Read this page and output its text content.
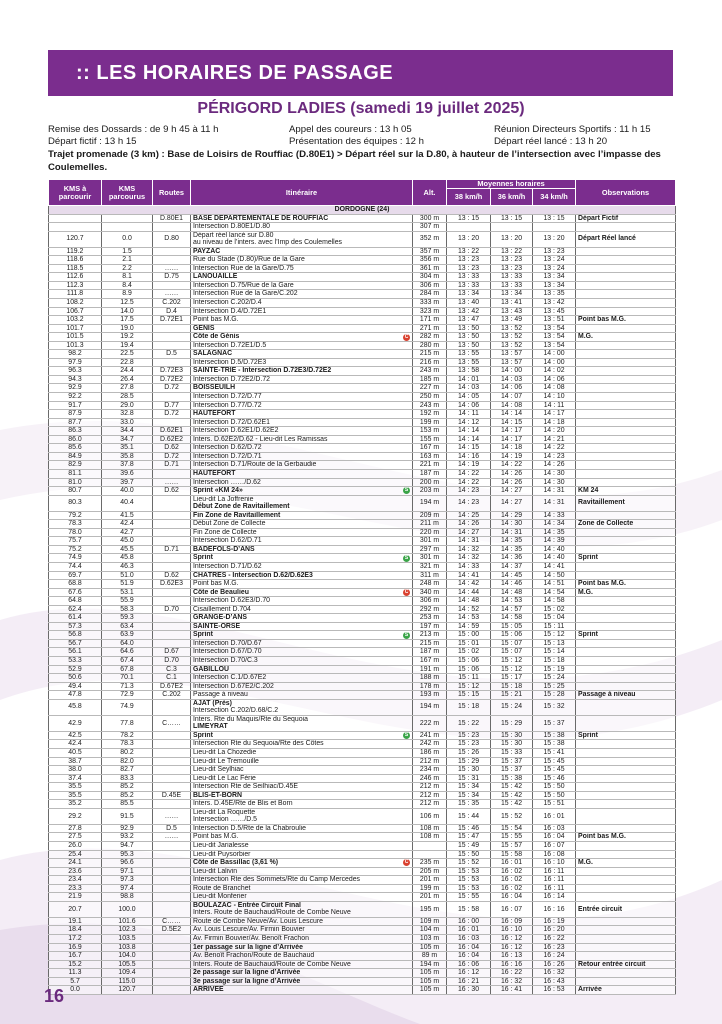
:: LES HORAIRES DE PASSAGE
PÉRIGORD LADIES (samedi 19 juillet 2025)
Remise des Dossards : de 9 h 45 à 11 h
Départ fictif : 13 h 15
Appel des coureurs : 13 h 05
Présentation des équipes : 12 h
Réunion Directeurs Sportifs : 11 h 15
Départ réel lancé : 13 h 20
Trajet promenade (3 km) : Base de Loisirs de Rouffiac (D.80E1) > Départ réel sur la D.80, à hauteur de l’intersection avec l’impasse des Coulemelles.
KMS à parcourir	KMS parcourus	Routes	Itinéraire	Alt.	Moyennes horaires			Observations
					38 km/h	36 km/h	34 km/h	
DORDOGNE (24)								
		D.80E1	BASE DÉPARTEMENTALE DE ROUFFIAC	300 m	13 : 15	13 : 15	13 : 15	Départ Fictif
			Intersection D.80E1/D.80	307 m				
120.7	0.0	D.80	Départ réel lancé sur D.80
au niveau de l’inters. avec l’Imp des Coulemelles	352 m	13 : 20	13 : 20	13 : 20	Départ Réel lancé
119.2	1.5		PAYZAC	357 m	13 : 22	13 : 22	13 : 23	
118.6	2.1		Rue du Stade (D.80)/Rue de la Gare	356 m	13 : 23	13 : 23	13 : 24	
118.5	2.2	……	Intersection Rue de la Gare/D.75	361 m	13 : 23	13 : 23	13 : 24	
112.6	8.1	D.75	LANOUAILLE	304 m	13 : 33	13 : 33	13 : 34	
112.3	8.4		Intersection D.75/Rue de la Gare	306 m	13 : 33	13 : 33	13 : 34	
111.8	8.9	……	Intersection Rue de la Gare/C.202	284 m	13 : 34	13 : 34	13 : 35	
108.2	12.5	C.202	Intersection C.202/D.4	333 m	13 : 40	13 : 41	13 : 42	
106.7	14.0	D.4	Intersection D.4/D.72E1	323 m	13 : 42	13 : 43	13 : 45	
103.2	17.5	D.72E1	Point bas M.G.	171 m	13 : 47	13 : 49	13 : 51	Point bas M.G.
101.7	19.0		GÉNIS	271 m	13 : 50	13 : 52	13 : 54	
101.5	19.2		Côte de Génis C	282 m	13 : 50	13 : 52	13 : 54	M.G.
101.3	19.4		Intersection D.72E1/D.5	280 m	13 : 50	13 : 52	13 : 54	
98.2	22.5	D.5	SALAGNAC	215 m	13 : 55	13 : 57	14 : 00	
97.9	22.8		Intersection D.5/D.72E3	216 m	13 : 55	13 : 57	14 : 00	
96.3	24.4	D.72E3	SAINTE-TRIE - Intersection D.72E3/D.72E2	243 m	13 : 58	14 : 00	14 : 02	
94.3	26.4	D.72E2	Intersection D.72E2/D.72	185 m	14 : 01	14 : 03	14 : 06	
92.9	27.8	D.72	BOISSEUILH	227 m	14 : 03	14 : 06	14 : 08	
92.2	28.5		Intersection D.72/D.77	250 m	14 : 05	14 : 07	14 : 10	
91.7	29.0	D.77	Intersection D.77/D.72	243 m	14 : 06	14 : 08	14 : 11	
87.9	32.8	D.72	HAUTEFORT	192 m	14 : 11	14 : 14	14 : 17	
87.7	33.0		Intersection D.72/D.62E1	199 m	14 : 12	14 : 15	14 : 18	
86.3	34.4	D.62E1	Intersection D.62E1/D.62E2	153 m	14 : 14	14 : 17	14 : 20	
86.0	34.7	D.62E2	Inters. D.62E2/D.62 - Lieu-dit Les Ramissas	155 m	14 : 14	14 : 17	14 : 21	
85.6	35.1	D.62	Intersection D.62/D.72	167 m	14 : 15	14 : 18	14 : 22	
84.9	35.8	D.72	Intersection D.72/D.71	163 m	14 : 16	14 : 19	14 : 23	
82.9	37.8	D.71	Intersection D.71/Route de la Gerbaudie	221 m	14 : 19	14 : 22	14 : 26	
81.1	39.6		HAUTEFORT	187 m	14 : 22	14 : 26	14 : 30	
81.0	39.7	……	Intersection ……/D.62	200 m	14 : 22	14 : 26	14 : 30	
80.7	40.0	D.62	Sprint «KM 24» S	203 m	14 : 23	14 : 27	14 : 31	KM 24
80.3	40.4		Lieu-dit La Joffrenie
Début Zone de Ravitaillement	194 m	14 : 23	14 : 27	14 : 31	Ravitaillement
79.2	41.5		Fin Zone de Ravitaillement	209 m	14 : 25	14 : 29	14 : 33	
78.3	42.4		Début Zone de Collecte	211 m	14 : 26	14 : 30	14 : 34	Zone de Collecte
78.0	42.7		Fin Zone de Collecte	220 m	14 : 27	14 : 31	14 : 35	
75.7	45.0		Intersection D.62/D.71	301 m	14 : 31	14 : 35	14 : 39	
75.2	45.5	D.71	BADEFOLS-D’ANS	297 m	14 : 32	14 : 35	14 : 40	
74.9	45.8		Sprint S	301 m	14 : 32	14 : 36	14 : 40	Sprint
74.4	46.3		Intersection D.71/D.62	321 m	14 : 33	14 : 37	14 : 41	
69.7	51.0	D.62	CHÂTRES - Intersection D.62/D.62E3	311 m	14 : 41	14 : 45	14 : 50	
68.8	51.9	D.62E3	Point bas M.G.	248 m	14 : 42	14 : 46	14 : 51	Point bas M.G.
67.6	53.1		Côte de Beaulieu C	340 m	14 : 44	14 : 48	14 : 54	M.G.
64.8	55.9		Intersection D.62E3/D.70	306 m	14 : 48	14 : 53	14 : 58	
62.4	58.3	D.70	Cisaillement D.704	292 m	14 : 52	14 : 57	15 : 02	
61.4	59.3		GRANGE-D’ANS	253 m	14 : 53	14 : 58	15 : 04	
57.3	63.4		SAINTE-ORSE	197 m	14 : 59	15 : 05	15 : 11	
56.8	63.9		Sprint S	213 m	15 : 00	15 : 06	15 : 12	Sprint
56.7	64.0		Intersection D.70/D.67	215 m	15 : 01	15 : 07	15 : 13	
56.1	64.6	D.67	Intersection D.67/D.70	187 m	15 : 02	15 : 07	15 : 14	
53.3	67.4	D.70	Intersection D.70/C.3	167 m	15 : 06	15 : 12	15 : 18	
52.9	67.8	C.3	GABILLOU	191 m	15 : 06	15 : 12	15 : 19	
50.6	70.1	C.1	Intersection C.1/D.67E2	188 m	15 : 11	15 : 17	15 : 24	
49.4	71.3	D.67E2	Intersection D.67E2/C.202	178 m	15 : 12	15 : 18	15 : 25	
47.8	72.9	C.202	Passage à niveau	193 m	15 : 15	15 : 21	15 : 28	Passage à niveau
45.8	74.9		AJAT (Près)
Intersection C.202/D.68/C.2	194 m	15 : 18	15 : 24	15 : 32	
42.9	77.8	C……	Inters. Rte du Maquis/Rte du Sequoia
LIMEYRAT	222 m	15 : 22	15 : 29	15 : 37	
42.5	78.2		Sprint S	241 m	15 : 23	15 : 30	15 : 38	Sprint
42.4	78.3		Intersection Rte du Sequoia/Rte des Côtes	242 m	15 : 23	15 : 30	15 : 38	
40.5	80.2		Lieu-dit La Chozedie	186 m	15 : 26	15 : 33	15 : 41	
38.7	82.0		Lieu-dit Le Tremouille	212 m	15 : 29	15 : 37	15 : 45	
38.0	82.7		Lieu-dit Seylhiac	234 m	15 : 30	15 : 37	15 : 45	
37.4	83.3		Lieu-dit Le Lac Férie	246 m	15 : 31	15 : 38	15 : 46	
35.5	85.2		Intersection Rte de Seilhiac/D.45E	212 m	15 : 34	15 : 42	15 : 50	
35.5	85.2	D.45E	BLIS-ET-BORN	212 m	15 : 34	15 : 42	15 : 50	
35.2	85.5		Inters. D.45E/Rte de Blis et Born	212 m	15 : 35	15 : 42	15 : 51	
29.2	91.5	……	Lieu-dit La Roquette
Intersection ……/D.5	106 m	15 : 44	15 : 52	16 : 01	
27.8	92.9	D.5	Intersection D.5/Rte de la Chabroulie	108 m	15 : 46	15 : 54	16 : 03	
27.5	93.2	……	Point bas M.G.	108 m	15 : 47	15 : 55	16 : 04	Point bas M.G.
26.0	94.7		Lieu-dit Jarialesse		15 : 49	15 : 57	16 : 07	
25.4	95.3		Lieu-dit Puysorbier		15 : 50	15 : 58	16 : 08	
24.1	96.6		Côte de Bassillac (3,61 %) C	235 m	15 : 52	16 : 01	16 : 10	M.G.
23.6	97.1		Lieu-dit Lalivin	205 m	15 : 53	16 : 02	16 : 11	
23.4	97.3		Intersection Rte des Sommets/Rte du Camp Mercedes	201 m	15 : 53	16 : 02	16 : 11	
23.3	97.4		Route de Branchet	199 m	15 : 53	16 : 02	16 : 11	
21.9	98.8		Lieu-dit Monferier	201 m	15 : 55	16 : 04	16 : 14	
20.7	100.0		BOULAZAC - Entrée Circuit Final
Inters. Route de Bauchaud/Route de Combe Neuve	195 m	15 : 58	16 : 07	16 : 16	Entrée circuit
19.1	101.6	C……	Route de Combe Neuve/Av. Louis Lescure	109 m	16 : 00	16 : 09	16 : 19	
18.4	102.3	D.5E2	Av. Louis Lescure/Av. Firmin Bouvier	104 m	16 : 01	16 : 10	16 : 20	
17.2	103.5		Av. Firmin Bouvier/Av. Benoît Frachon	103 m	16 : 03	16 : 12	16 : 22	
16.9	103.8		1er passage sur la ligne d’Arrivée	105 m	16 : 04	16 : 12	16 : 23	
16.7	104.0		Av. Benoît Frachon/Route de Bauchaud	89 m	16 : 04	16 : 13	16 : 24	
15.2	105.5		Inters. Route de Bauchaud/Route de Combe Neuve	194 m	16 : 06	16 : 16	16 : 26	Retour entrée circuit
11.3	109.4		2e passage sur la ligne d’Arrivée	105 m	16 : 12	16 : 22	16 : 32	
5.7	115.0		3e passage sur la ligne d’Arrivée	105 m	16 : 21	16 : 32	16 : 43	
0.0	120.7		ARRIVÉE	105 m	16 : 30	16 : 41	16 : 53	Arrivée
16
